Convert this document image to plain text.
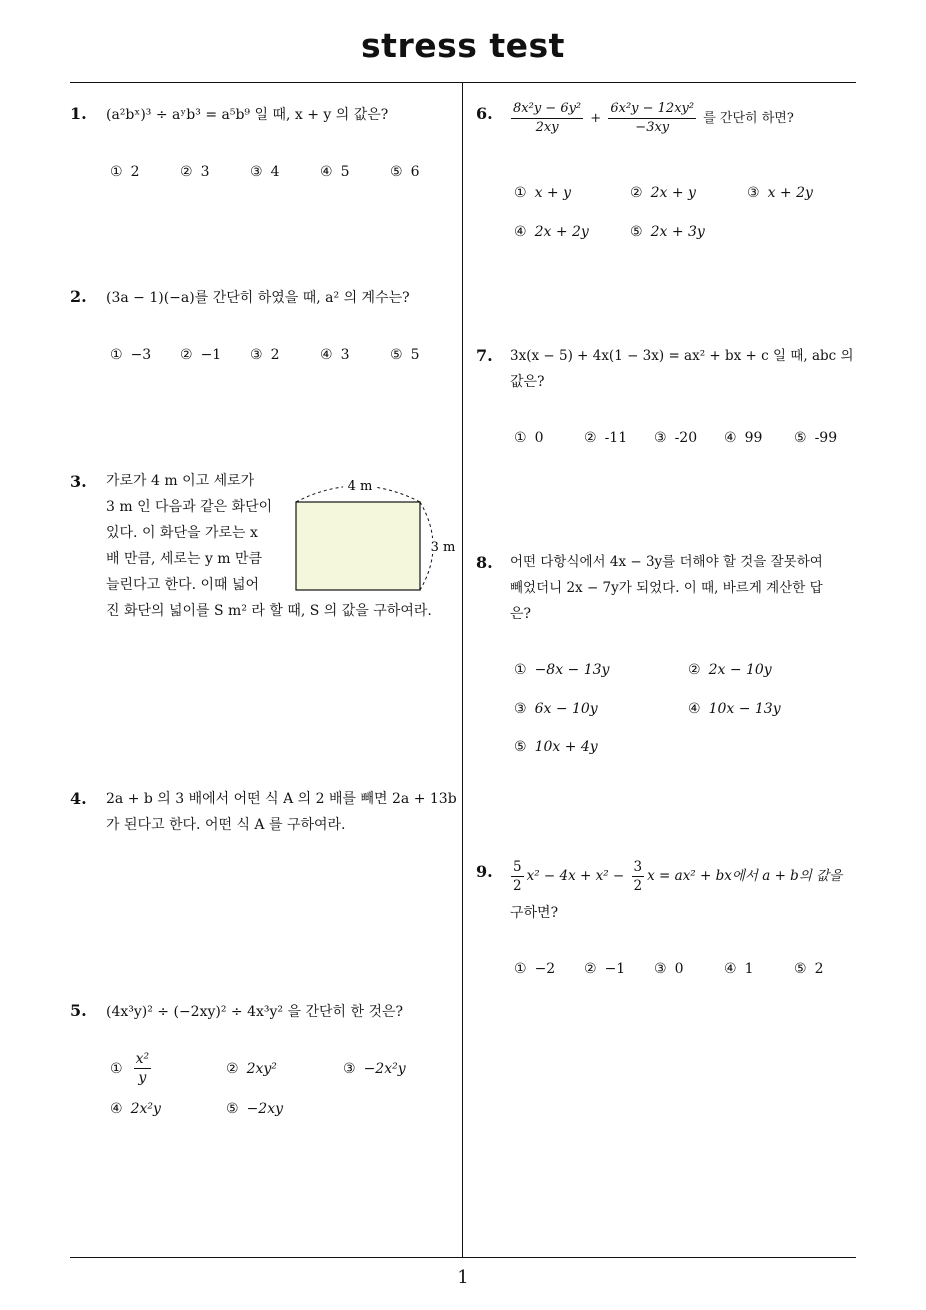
stress test
1
1. (a²bˣ)³ ÷ aʸb³ = a⁵b⁹ 일 때, x + y 의 값은?
① 2	② 3	③ 4	④ 5	⑤ 6
2. (3a − 1)(−a)를 간단히 하였을 때, a² 의 계수는?
① −3 ② −1 ③ 2	④ 3	⑤ 5
3. 가로가 4 m 이고 세로가
3 m 인 다음과 같은 화단이
있다. 이 화단을 가로는 x
배 만큼, 세로는 y m 만큼
늘린다고 한다. 이때 넓어
진 화단의 넓이를 S m² 라 할 때, S 의 값을 구하여라.
4 m
3 m
4. 2a + b 의 3 배에서 어떤 식 A 의 2 배를 빼면 2a + 13b
가 된다고 한다. 어떤 식 A 를 구하여라.
5. (4x³y)² ÷ (−2xy)² ÷ 4x³y² 을 간단히 한 것은?
① $\frac{\text{x²}}{y}$	② 2xy²	③ −2x²y
④ 2x²y	⑤ −2xy
6. $\frac{\text{8x²y − 6y²}}{2xy} + \frac{\text{6x²y − 12xy²}}{-3xy}$ 를 간단히 하면?
① x + y	② 2x + y	③ x + 2y
④ 2x + 2y	⑤ 2x + 3y
7. 3x(x − 5) + 4x(1 − 3x) = ax² + bx + c 일 때, abc 의
값은?
① 0	② -11 ③ -20 ④ 99 ⑤ -99
8. 어떤 다항식에서 4x − 3y를 더해야 할 것을 잘못하여
빼었더니 2x − 7y가 되었다. 이 때, 바르게 계산한 답
은?
① −8x − 13y	② 2x − 10y
③ 6x − 10y	④ 10x − 13y
⑤ 10x + 4y
9. $\frac{5}{2} x^2 - 4x + x^2 - \frac{3}{2}$ x = ax² + bx에서 a + b의 값을
구하면?
① −2 ② −1 ③ 0	④ 1	⑤ 2
